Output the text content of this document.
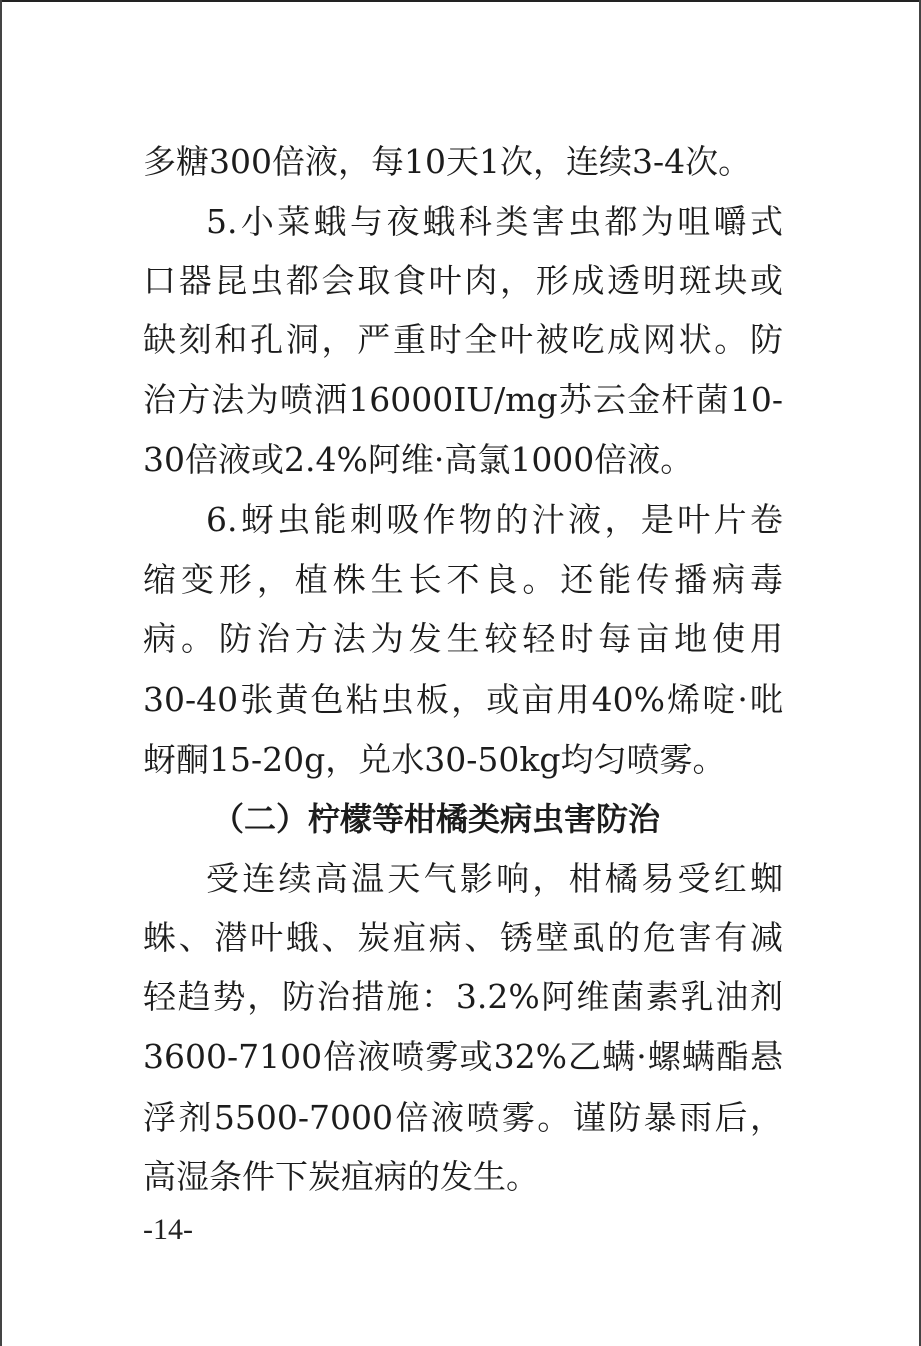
多糖300倍液，每10天1次，连续3-4次。
5.小菜蛾与夜蛾科类害虫都为咀嚼式
口器昆虫都会取食叶肉，形成透明斑块或
缺刻和孔洞，严重时全叶被吃成网状。防
治方法为喷洒16000IU/mg苏云金杆菌10-
30倍液或2.4%阿维·高氯1000倍液。
6.蚜虫能刺吸作物的汁液，是叶片卷
缩变形，植株生长不良。还能传播病毒
病。防治方法为发生较轻时每亩地使用
30-40张黄色粘虫板，或亩用40%烯啶·吡
蚜酮15-20g，兑水30-50kg均匀喷雾。
（二）柠檬等柑橘类病虫害防治
受连续高温天气影响，柑橘易受红蜘
蛛、潜叶蛾、炭疽病、锈壁虱的危害有减
轻趋势，防治措施：3.2%阿维菌素乳油剂
3600-7100倍液喷雾或32%乙螨·螺螨酯悬
浮剂5500-7000倍液喷雾。谨防暴雨后，
高湿条件下炭疽病的发生。
-14-
